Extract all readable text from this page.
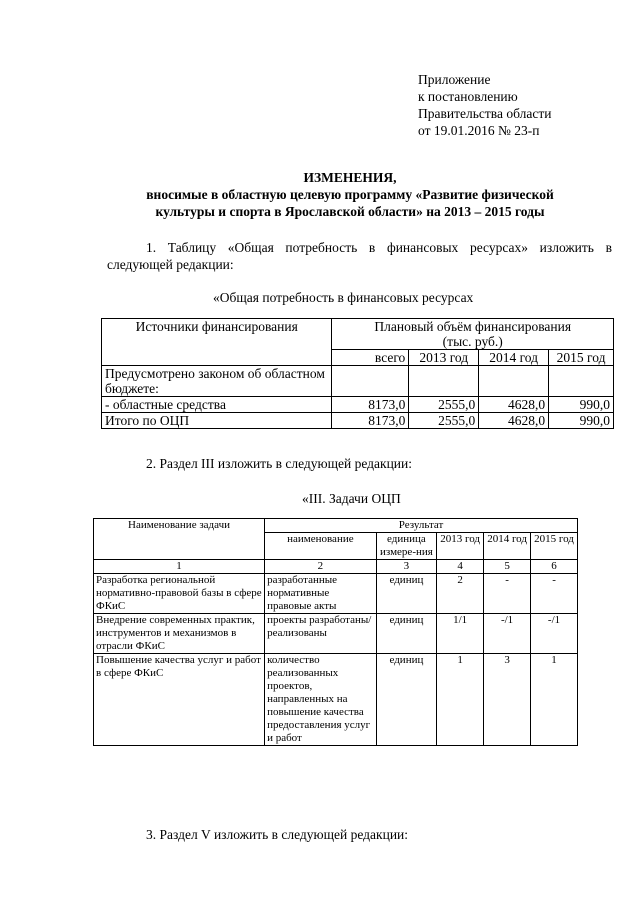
Приложение
к постановлению
Правительства области
от 19.01.2016 № 23-п
ИЗМЕНЕНИЯ,
вносимые в областную целевую программу «Развитие физической
культуры и спорта в Ярославской области» на 2013 – 2015 годы
1. Таблицу «Общая потребность в финансовых ресурсах» изложить в следующей редакции:
«Общая потребность в финансовых ресурсах
Источники финансирования	Плановый объём финансирования
(тыс. руб.)			

	всего	2013 год	2014 год	2015 год
Предусмотрено законом об областном бюджете:				
- областные средства	8173,0	2555,0	4628,0	990,0
Итого по ОЦП	8173,0	2555,0	4628,0	990,0
2. Раздел III изложить в следующей редакции:
«III. Задачи ОЦП
Наименование задачи	Результат				
	наименование	единица измере-ния	2013 год	2014 год	2015 год
1	2	3	4	5	6
Разработка региональной нормативно-правовой базы в сфере ФКиС	разработанные нормативные правовые акты	единиц	2	-	-
Внедрение современных практик, инструментов и механизмов в отрасли ФКиС	проекты разработаны/ реализованы	единиц	1/1	-/1	-/1
Повышение качества услуг и работ в сфере ФКиС	количество реализованных проектов, направленных на повышение качества предоставления услуг и работ	единиц	1	3	1
3. Раздел V изложить в следующей редакции:
